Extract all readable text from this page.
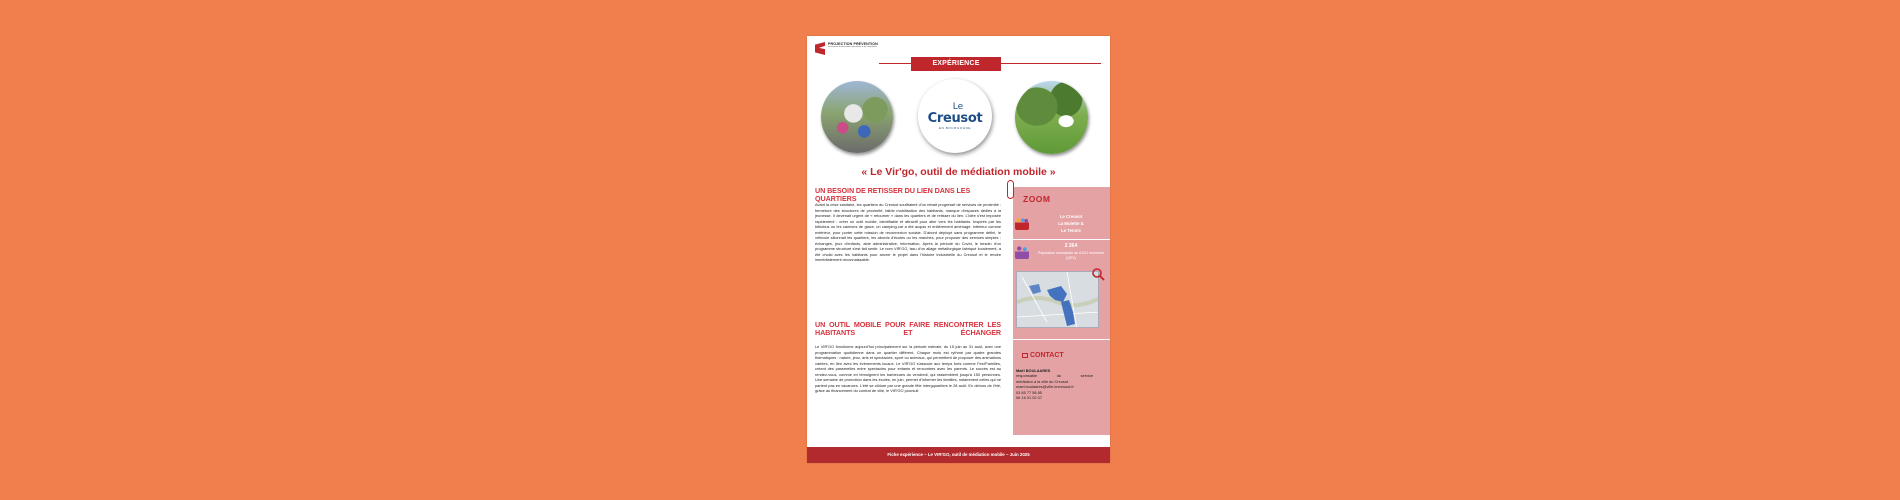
PROJECTION PRÉVENTION
association de prévention spécialisée et de citoyenneté
EXPÉRIENCE
Le
Creusot
EN BOURGOGNE
« Le Vir'go, outil de médiation mobile »
UN BESOIN DE RETISSER DU LIEN DANS LES QUARTIERS
Avant la crise sanitaire, les quartiers du Creusot souffraient d'un retrait progressif de services de proximité : fermeture des structures de proximité, faible mobilisation des habitants, manque d'espaces dédiés à la jeunesse. Il devenait urgent de « retourner » dans les quartiers et de retisser du lien. L'idée s'est imposée rapidement : créer un outil mobile, identifiable et attractif pour aller vers les habitants. Inspirés par les biblobus ou les camions de glace, un camping-car a été acquis et entièrement aménagé, intérieur comme extérieur, pour porter cette mission de reconnexion sociale. D'abord déployé sans programme défini, le véhicule sillonnait les quartiers, les abords d'écoles ou les marchés, pour proposer des services simples : échanges, jeux d'enfants, aide administrative, information. Après la période du Covid, le besoin d'un programme structuré s'est fait sentir. Le nom VIR'GO, issu d'un allage métallurgique fabriqué localement, a été choisi avec les habitants pour ancrer le projet dans l'histoire industrielle du Creusot et le rendre immédiatement reconnaissable.
UN OUTIL MOBILE POUR FAIRE RENCONTRER LES HABITANTS ET ÉCHANGER
Le VIR'GO fonctionne aujourd'hui principalement sur la période estivale, du 15 juin au 31 août, avec une programmation quotidienne dans un quartier différent. Chaque mois est rythmé par quatre grandes thématiques : nature, jeux, arts et spectacles, sport ou animaux, qui permettent de proposer des animations variées, en lien avec les évènements locaux. Le VIR'GO s'associe aux temps forts comme Fest'Familles, créant des passerelles entre spectacles pour enfants et rencontres avec les parents. Le succès est au rendez-vous, comme en témoignent les barbecues du vendredi, qui rassemblent jusqu'à 150 personnes. Une semaine de promotion dans les écoles, en juin, permet d'informer les familles, notamment celles qui ne partent pas en vacances. L'été se clôture par une grande fête intergquartiers le 28 août. En dehors de l'été, grâce au financement du contrat de ville, le VIR'GO poursuit
ZOOM
Le Creusot
La Molette &
Le Tennis
2 264
Population municipale au 01/01 recensée (QPV)
CONTACT
Maël BOULAARES
responsable du service
médiation à la ville du Creusot
mael.boulaares@ville-lecreusot.fr
03 85 77 58 85
06 16 01 02 07
Fiche expérience – Le VIR'GO, outil de médiation mobile – Juin 2025
